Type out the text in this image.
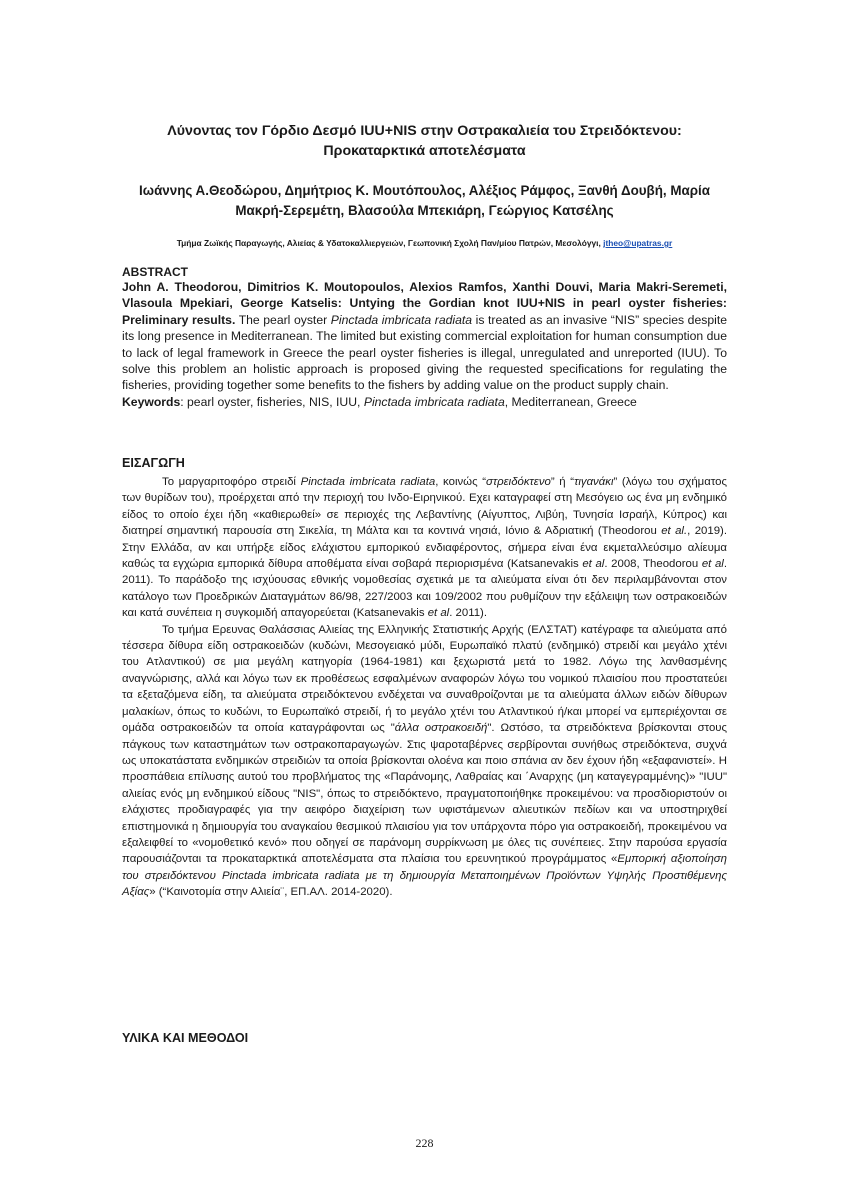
Λύνοντας τον Γόρδιο Δεσμό IUU+NIS στην Οστρακαλιεία του Στρειδόκτενου:
Προκαταρκτικά αποτελέσματα
Ιωάννης Α.Θεοδώρου, Δημήτριος Κ. Μουτόπουλος, Αλέξιος Ράμφος, Ξανθή Δουβή, Μαρία
Μακρή-Σερεμέτη, Βλασούλα Μπεκιάρη, Γεώργιος Κατσέλης
Τμήμα Ζωϊκής Παραγωγής, Αλιείας & Υδατοκαλλιεργειών, Γεωπονική Σχολή Παν/μίου Πατρών, Μεσολόγγι, jtheo@upatras.gr
ABSTRACT
John A. Theodorou, Dimitrios K. Moutopoulos, Alexios Ramfos, Xanthi Douvi, Maria Makri-Seremeti, Vlasoula Mpekiari, George Katselis: Untying the Gordian knot IUU+NIS in pearl oyster fisheries: Preliminary results. The pearl oyster Pinctada imbricata radiata is treated as an invasive “NIS” species despite its long presence in Mediterranean. The limited but existing commercial exploitation for human consumption due to lack of legal framework in Greece the pearl oyster fisheries is illegal, unregulated and unreported (IUU). To solve this problem an holistic approach is proposed giving the requested specifications for regulating the fisheries, providing together some benefits to the fishers by adding value on the product supply chain.
Keywords: pearl oyster, fisheries, NIS, IUU, Pinctada imbricata radiata, Mediterranean, Greece
ΕΙΣΑΓΩΓΗ

Το μαργαριτοφόρο στρειδί Pinctada imbricata radiata, κοινώς “στρειδόκτενο” ή “τιγανάκι” (λόγω του σχήματος των θυρίδων του), προέρχεται από την περιοχή του Ινδο-Ειρηνικού. Εχει καταγραφεί στη Μεσόγειο ως ένα μη ενδημικό είδος το οποίο έχει ήδη «καθιερωθεί» σε περιοχές της Λεβαντίνης (Αίγυπτος, Λιβύη, Τυνησία Ισραήλ, Κύπρος) και διατηρεί σημαντική παρουσία στη Σικελία, τη Μάλτα και τα κοντινά νησιά, Ιόνιο & Αδριατική (Theodorou et al., 2019). Στην Ελλάδα, αν και υπήρξε είδος ελάχιστου εμπορικού ενδιαφέροντος, σήμερα είναι ένα εκμεταλλεύσιμο αλίευμα καθώς τα εγχώρια εμπορικά δίθυρα αποθέματα είναι σοβαρά περιορισμένα (Katsanevakis et al. 2008, Theodorou et al. 2011). Το παράδοξο της ισχύουσας εθνικής νομοθεσίας σχετικά με τα αλιεύματα είναι ότι δεν περιλαμβάνονται στον κατάλογο των Προεδρικών Διαταγμάτων 86/98, 227/2003 και 109/2002 που ρυθμίζουν την εξάλειψη των οστρακοειδών και κατά συνέπεια η συγκομιδή απαγορεύεται (Katsanevakis et al. 2011).

Το τμήμα Ερευνας Θαλάσσιας Αλιείας της Ελληνικής Στατιστικής Αρχής (ΕΛΣΤΑΤ) κατέγραφε τα αλιεύματα από τέσσερα δίθυρα είδη οστρακοειδών (κυδώνι, Μεσογειακό μύδι, Ευρωπαϊκό πλατύ (ενδημικό) στρειδί και μεγάλο χτένι του Ατλαντικού) σε μια μεγάλη κατηγορία (1964-1981) και ξεχωριστά μετά το 1982. Λόγω της λανθασμένης αναγνώρισης, αλλά και λόγω των εκ προθέσεως εσφαλμένων αναφορών λόγω του νομικού πλαισίου που προστατεύει τα εξεταζόμενα είδη, τα αλιεύματα στρειδόκτενου ενδέχεται να συναθροίζονται με τα αλιεύματα άλλων ειδών δίθυρων μαλακίων, όπως το κυδώνι, το Ευρωπαϊκό στρειδί, ή το μεγάλο χτένι του Ατλαντικού ή/και μπορεί να εμπεριέχονται σε ομάδα οστρακοειδών τα οποία καταγράφονται ως "άλλα οστρακοειδή". Ωστόσο, τα στρειδόκτενα βρίσκονται στους πάγκους των καταστημάτων των οστρακοπαραγωγών. Στις ψαροταβέρνες σερβίρονται συνήθως στρειδόκτενα, συχνά ως υποκατάστατα ενδημικών στρειδιών τα οποία βρίσκονται ολοένα και ποιο σπάνια αν δεν έχουν ήδη «εξαφανιστεί». Η προσπάθεια επίλυσης αυτού του προβλήματος της «Παράνομης, Λαθραίας και ΄Αναρχης (μη καταγεγραμμένης)» "IUU" αλιείας ενός μη ενδημικού είδους "NIS", όπως το στρειδόκτενο, πραγματοποιήθηκε προκειμένου: να προσδιοριστούν οι ελάχιστες προδιαγραφές για την αειφόρο διαχείριση των υφιστάμενων αλιευτικών πεδίων και να υποστηριχθεί επιστημονικά η δημιουργία του αναγκαίου θεσμικού πλαισίου για τον υπάρχοντα πόρο για οστρακοειδή, προκειμένου να εξαλειφθεί το «νομοθετικό κενό» που οδηγεί σε παράνομη συρρίκνωση με όλες τις συνέπειες. Στην παρούσα εργασία παρουσιάζονται τα προκαταρκτικά αποτελέσματα στα πλαίσια του ερευνητικού προγράμματος «Εμπορική αξιοποίηση του στρειδόκτενου Pinctada imbricata radiata με τη δημιουργία Μεταποιημένων Προϊόντων Υψηλής Προστιθέμενης Αξίας» (“Καινοτομία στην Αλιεία¨, ΕΠ.ΑΛ. 2014-2020).

ΥΛΙΚΑ ΚΑΙ ΜΕΘΟΔΟΙ
228
